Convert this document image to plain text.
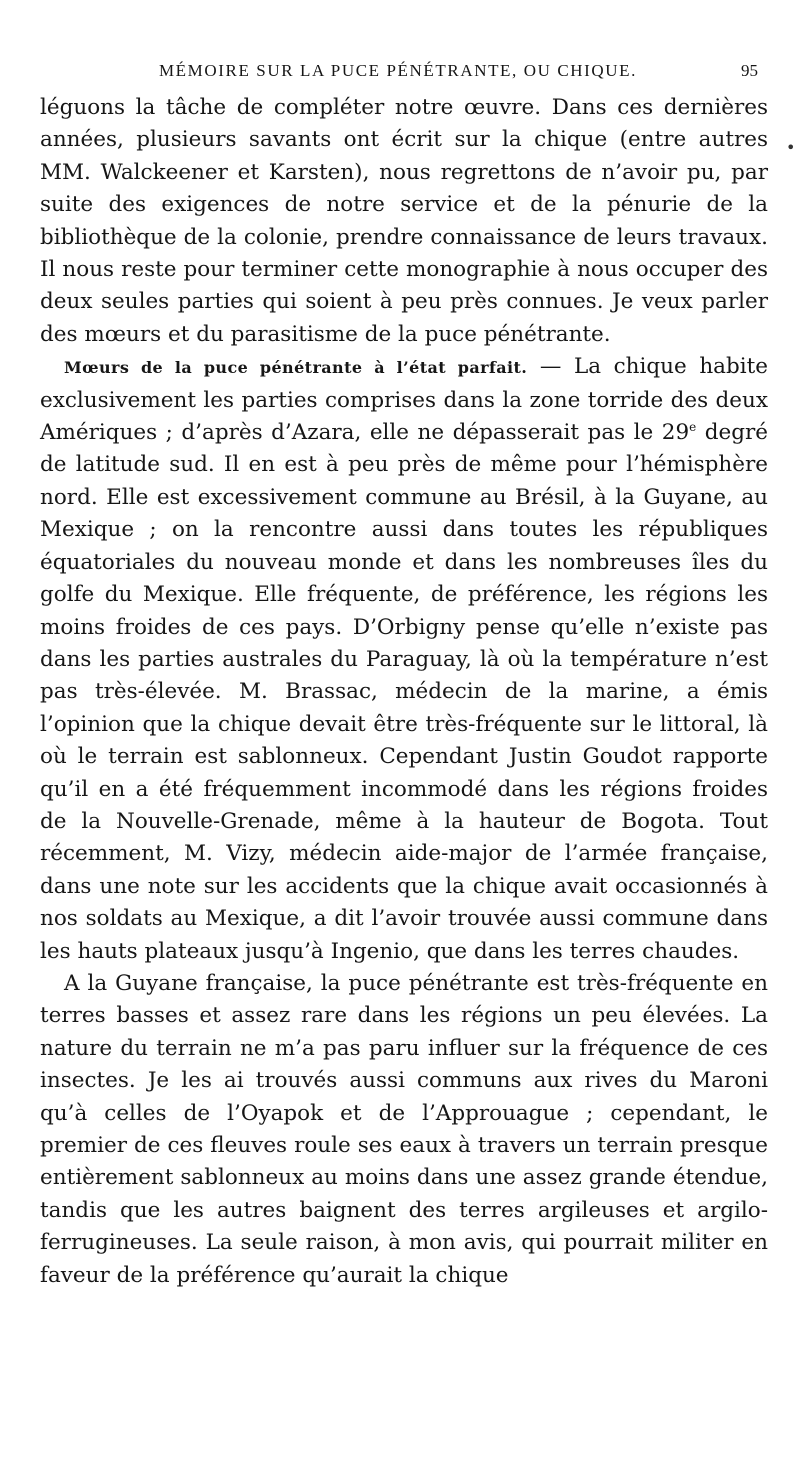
MÉMOIRE SUR LA PUCE PÉNÉTRANTE, OU CHIQUE.	95
•

léguons la tâche de compléter notre œuvre. Dans ces dernières années, plusieurs savants ont écrit sur la chique (entre autres MM. Walckeener et Karsten), nous regrettons de n’avoir pu, par suite des exigences de notre service et de la pénurie de la bibliothèque de la colonie, prendre connaissance de leurs travaux. Il nous reste pour terminer cette monographie à nous occuper des deux seules parties qui soient à peu près connues. Je veux parler des mœurs et du parasitisme de la puce pénétrante.

Mœurs de la puce pénétrante à l’état parfait. — La chique habite exclusivement les parties comprises dans la zone torride des deux Amériques ; d’après d’Azara, elle ne dépasserait pas le 29e degré de latitude sud. Il en est à peu près de même pour l’hémisphère nord. Elle est excessivement commune au Brésil, à la Guyane, au Mexique ; on la rencontre aussi dans toutes les républiques équatoriales du nouveau monde et dans les nombreuses îles du golfe du Mexique. Elle fréquente, de préférence, les régions les moins froides de ces pays. D’Orbigny pense qu’elle n’existe pas dans les parties australes du Paraguay, là où la température n’est pas très-élevée. M. Brassac, médecin de la marine, a émis l’opinion que la chique devait être très-fréquente sur le littoral, là où le terrain est sablonneux. Cependant Justin Goudot rapporte qu’il en a été fréquemment incommodé dans les régions froides de la Nouvelle-Grenade, même à la hauteur de Bogota. Tout récemment, M. Vizy, médecin aide-major de l’armée française, dans une note sur les accidents que la chique avait occasionnés à nos soldats au Mexique, a dit l’avoir trouvée aussi commune dans les hauts plateaux jusqu’à Ingenio, que dans les terres chaudes.

A la Guyane française, la puce pénétrante est très-fréquente en terres basses et assez rare dans les régions un peu élevées. La nature du terrain ne m’a pas paru influer sur la fréquence de ces insectes. Je les ai trouvés aussi communs aux rives du Maroni qu’à celles de l’Oyapok et de l’Approuague ; cependant, le premier de ces fleuves roule ses eaux à travers un terrain presque entièrement sablonneux au moins dans une assez grande étendue, tandis que les autres baignent des terres argileuses et argilo-ferrugineuses. La seule raison, à mon avis, qui pourrait militer en faveur de la préférence qu’aurait la chique
